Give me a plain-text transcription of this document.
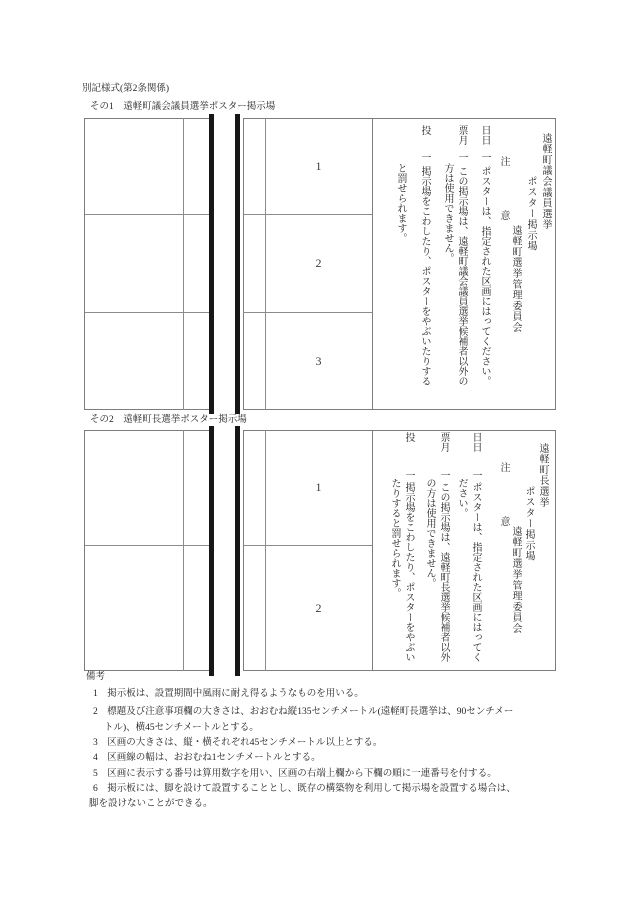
別記様式(第2条関係)
その1　遠軽町議会議員選挙ポスター掲示場
1
2
3
遠軽町議会議員選挙
ポスター掲示場
遠軽町選挙管理委員会
注　　　　意
日日
一
ポスターは、指定された区画にはってください。
票月
一
この掲示場は、遠軽町議会議員選挙候補者以外の
方は使用できません。
投
一
掲示場をこわしたり、ポスターをやぶいたりする
と罰せられます。
その2　遠軽町長選挙ポスター掲示場
1
2
遠軽町長選挙
ポスター掲示場
遠軽町選挙管理委員会
注　　　　意
日日
一
ポスターは、指定された区画にはってく
ださい。
票月
一
この掲示場は、遠軽町長選挙候補者以外
の方は使用できません。
投
一
掲示場をこわしたり、ポスターをやぶい
たりすると罰せられます。
備考
1　掲示板は、設置期間中風雨に耐え得るようなものを用いる。
2　標題及び注意事項欄の大きさは、おおむね縦135センチメートル(遠軽町長選挙は、90センチメー
トル)、横45センチメートルとする。
3　区画の大きさは、縦・横それぞれ45センチメートル以上とする。
4　区画線の幅は、おおむね1センチメートルとする。
5　区画に表示する番号は算用数字を用い、区画の右端上欄から下欄の順に一連番号を付する。
6　掲示板には、脚を設けて設置することとし、既存の構築物を利用して掲示場を設置する場合は、
脚を設けないことができる。
